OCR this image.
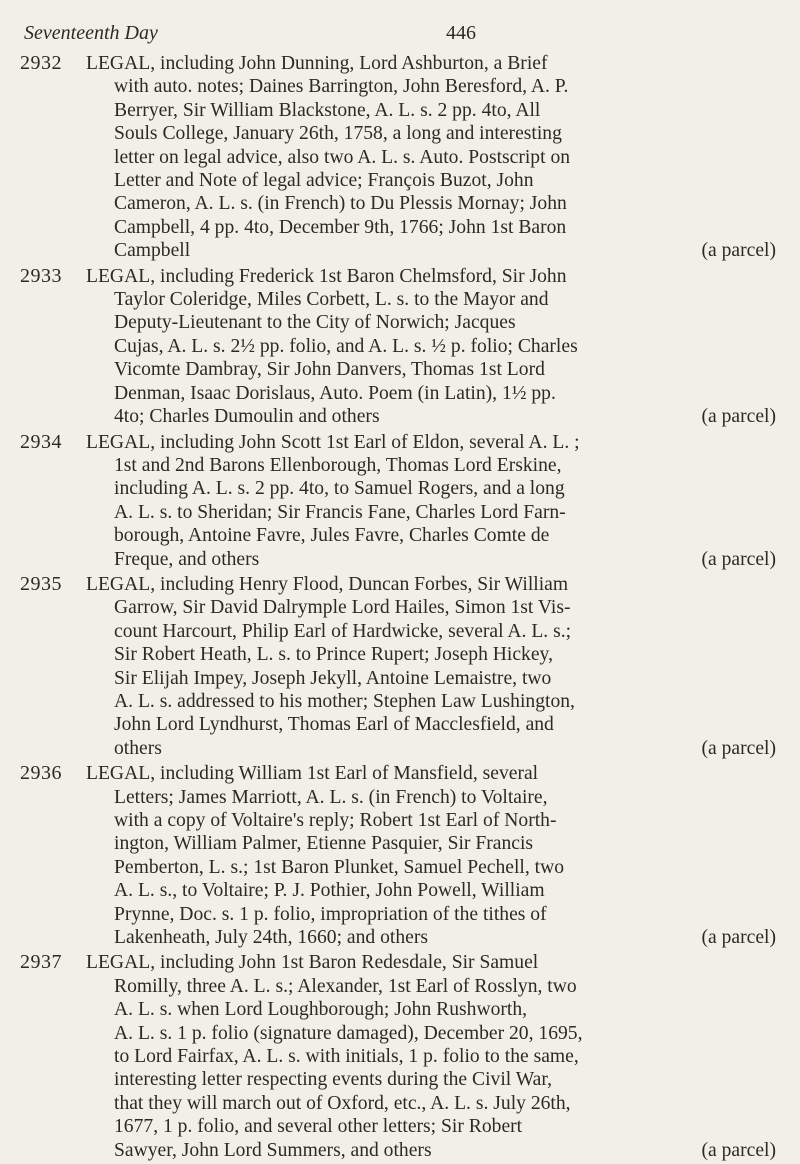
Seventeenth Day	446
2932	LEGAL, including John Dunning, Lord Ashburton, a Brief
with auto. notes; Daines Barrington, John Beresford, A. P.
Berryer, Sir William Blackstone, A. L. s. 2 pp. 4to, All
Souls College, January 26th, 1758, a long and interesting
letter on legal advice, also two A. L. s. Auto. Postscript on
Letter and Note of legal advice; François Buzot, John
Cameron, A. L. s. (in French) to Du Plessis Mornay; John
Campbell, 4 pp. 4to, December 9th, 1766; John 1st Baron
Campbell	(a parcel)
2933	LEGAL, including Frederick 1st Baron Chelmsford, Sir John
Taylor Coleridge, Miles Corbett, L. s. to the Mayor and
Deputy-Lieutenant to the City of Norwich; Jacques
Cujas, A. L. s. 2½ pp. folio, and A. L. s. ½ p. folio; Charles
Vicomte Dambray, Sir John Danvers, Thomas 1st Lord
Denman, Isaac Dorislaus, Auto. Poem (in Latin), 1½ pp.
4to; Charles Dumoulin and others	(a parcel)
2934	LEGAL, including John Scott 1st Earl of Eldon, several A. L. ;
1st and 2nd Barons Ellenborough, Thomas Lord Erskine,
including A. L. s. 2 pp. 4to, to Samuel Rogers, and a long
A. L. s. to Sheridan; Sir Francis Fane, Charles Lord Farn-
borough, Antoine Favre, Jules Favre, Charles Comte de
Freque, and others	(a parcel)
2935	LEGAL, including Henry Flood, Duncan Forbes, Sir William
Garrow, Sir David Dalrymple Lord Hailes, Simon 1st Vis-
count Harcourt, Philip Earl of Hardwicke, several A. L. s.;
Sir Robert Heath, L. s. to Prince Rupert; Joseph Hickey,
Sir Elijah Impey, Joseph Jekyll, Antoine Lemaistre, two
A. L. s. addressed to his mother; Stephen Law Lushington,
John Lord Lyndhurst, Thomas Earl of Macclesfield, and
others	(a parcel)
2936	LEGAL, including William 1st Earl of Mansfield, several
Letters; James Marriott, A. L. s. (in French) to Voltaire,
with a copy of Voltaire's reply; Robert 1st Earl of North-
ington, William Palmer, Etienne Pasquier, Sir Francis
Pemberton, L. s.; 1st Baron Plunket, Samuel Pechell, two
A. L. s., to Voltaire; P. J. Pothier, John Powell, William
Prynne, Doc. s. 1 p. folio, impropriation of the tithes of
Lakenheath, July 24th, 1660; and others	(a parcel)
2937	LEGAL, including John 1st Baron Redesdale, Sir Samuel
Romilly, three A. L. s.; Alexander, 1st Earl of Rosslyn, two
A. L. s. when Lord Loughborough; John Rushworth,
A. L. s. 1 p. folio (signature damaged), December 20, 1695,
to Lord Fairfax, A. L. s. with initials, 1 p. folio to the same,
interesting letter respecting events during the Civil War,
that they will march out of Oxford, etc., A. L. s. July 26th,
1677, 1 p. folio, and several other letters; Sir Robert
Sawyer, John Lord Summers, and others	(a parcel)
